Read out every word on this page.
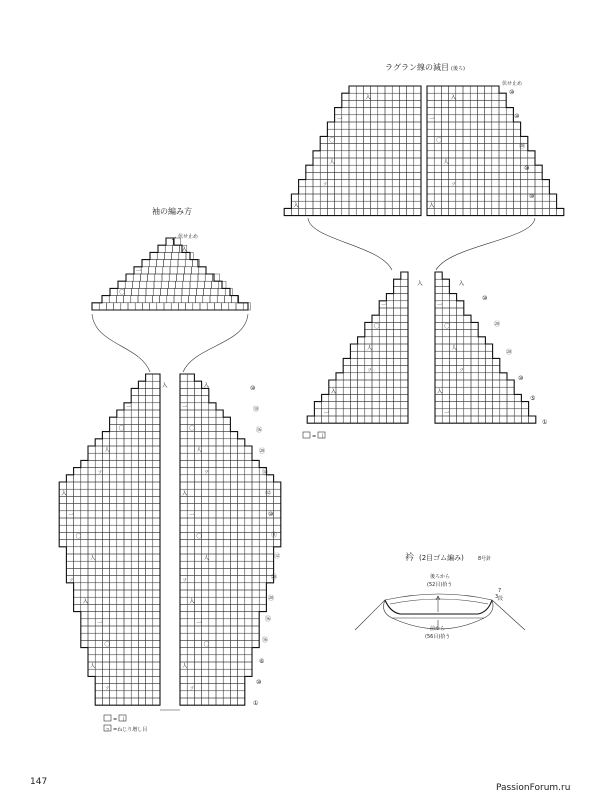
袖の編み方
入
一
〇
伏せ止め
入
一
〇
人
ㇷ
入
一
〇
人
ㇷ
入
一
〇
人
ㇷ
入
一
〇
人
ㇷ
入
一
〇
人
ㇷ
入
一
〇
人
ㇷ
⑩
⑱
⑯
⑳
⑭
⑫
⑩
⑪
⑫
⑳
⑳
⑯
⑯
⑥
⑩
①
= 丨
ㇷ =ねじり増し目
ラグラン線の減目 (後ろ)
入
一
〇
人
ㇷ
入
入
一
〇
人
ㇷ
入
伏せ止め
入
一
〇
人
ㇷ
入
一
入
一
〇
人
ㇷ
入
一
⑩
⑩
⑳
⑩
⑩
⑩
⑳
⑳
⑩
⑤
①
= 丨
衿 (2目ゴム編み)	8号針
後ろから
(52目)拾う
3
7
段
前から
(56目)拾う
147
PassionForum.ru
